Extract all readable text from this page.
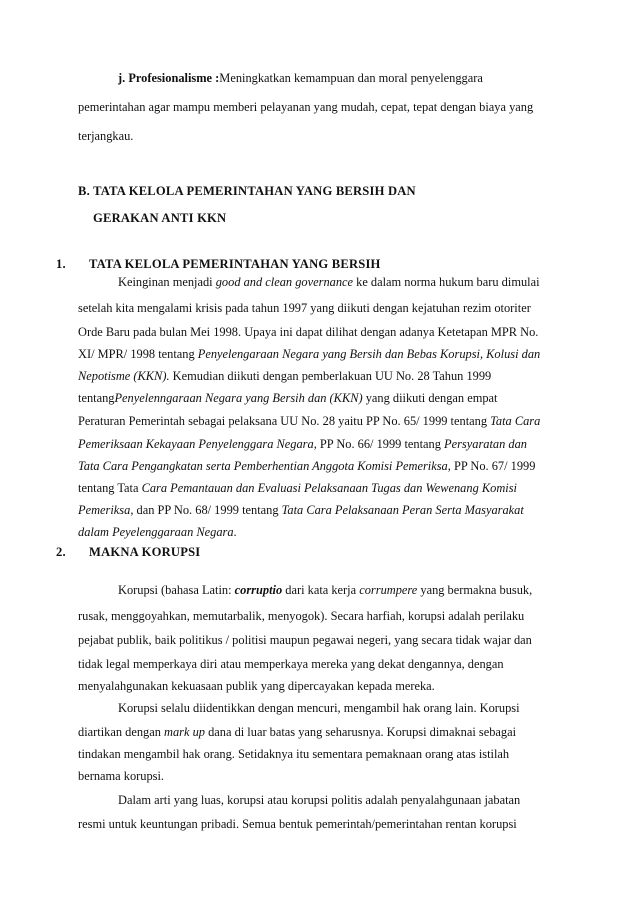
j. Profesionalisme :Meningkatkan kemampuan dan moral penyelenggara
pemerintahan agar mampu memberi pelayanan yang mudah, cepat, tepat dengan biaya yang
terjangkau.
B. TATA KELOLA PEMERINTAHAN YANG BERSIH DAN
GERAKAN ANTI KKN
1. TATA KELOLA PEMERINTAHAN YANG BERSIH
Keinginan menjadi good and clean governance ke dalam norma hukum baru dimulai
setelah kita mengalami krisis pada tahun 1997 yang diikuti dengan kejatuhan rezim otoriter
Orde Baru pada bulan Mei 1998. Upaya ini dapat dilihat dengan adanya Ketetapan MPR No.
XI/ MPR/ 1998 tentang Penyelengaraan Negara yang Bersih dan Bebas Korupsi, Kolusi dan
Nepotisme (KKN). Kemudian diikuti dengan pemberlakuan UU No. 28 Tahun 1999
tentangPenyelenngaraan Negara yang Bersih dan (KKN) yang diikuti dengan empat
Peraturan Pemerintah sebagai pelaksana UU No. 28 yaitu PP No. 65/ 1999 tentang Tata Cara
Pemeriksaan Kekayaan Penyelenggara Negara, PP No. 66/ 1999 tentang Persyaratan dan
Tata Cara Pengangkatan serta Pemberhentian Anggota Komisi Pemeriksa, PP No. 67/ 1999
tentang Tata Cara Pemantauan dan Evaluasi Pelaksanaan Tugas dan Wewenang Komisi
Pemeriksa, dan PP No. 68/ 1999 tentang Tata Cara Pelaksanaan Peran Serta Masyarakat
dalam Peyelenggaraan Negara.
2. MAKNA KORUPSI
Korupsi (bahasa Latin: corruptio dari kata kerja corrumpere yang bermakna busuk,
rusak, menggoyahkan, memutarbalik, menyogok). Secara harfiah, korupsi adalah perilaku
pejabat publik, baik politikus / politisi maupun pegawai negeri, yang secara tidak wajar dan
tidak legal memperkaya diri atau memperkaya mereka yang dekat dengannya, dengan
menyalahgunakan kekuasaan publik yang dipercayakan kepada mereka.
Korupsi selalu diidentikkan dengan mencuri, mengambil hak orang lain. Korupsi
diartikan dengan mark up dana di luar batas yang seharusnya. Korupsi dimaknai sebagai
tindakan mengambil hak orang. Setidaknya itu sementara pemaknaan orang atas istilah
bernama korupsi.
Dalam arti yang luas, korupsi atau korupsi politis adalah penyalahgunaan jabatan
resmi untuk keuntungan pribadi. Semua bentuk pemerintah/pemerintahan rentan korupsi
